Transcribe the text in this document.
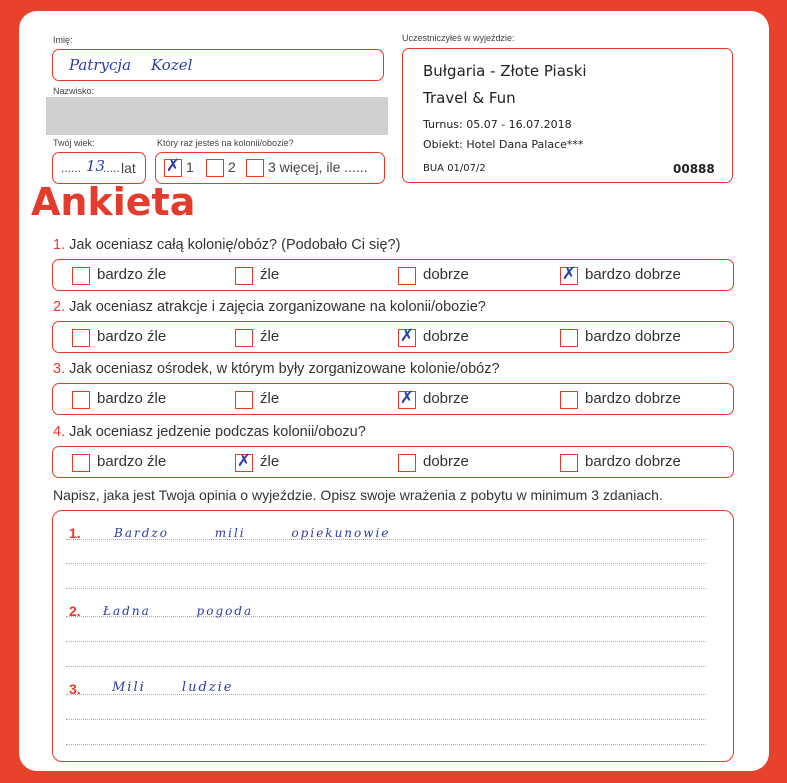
Imię:
Patrycja Kozel
Nazwisko:
Twój wiek:
...... 13
..... lat
Który raz jesteś na kolonii/obozie?
✗ 1 2 3 więcej, ile ......
Uczestniczyłeś w wyjeździe:
Bułgaria - Złote Piaski
Travel & Fun
Turnus: 05.07 - 16.07.2018
Obiekt: Hotel Dana Palace***
BUA 01/07/2	00888
Ankieta
1. Jak oceniasz całą kolonię/obóz? (Podobało Ci się?)
bardzo źle	źle	dobrze	✗ bardzo dobrze
2. Jak oceniasz atrakcje i zajęcia zorganizowane na kolonii/obozie?
bardzo źle	źle	✗ dobrze	bardzo dobrze
3. Jak oceniasz ośrodek, w którym były zorganizowane kolonie/obóz?
bardzo źle	źle	✗ dobrze	bardzo dobrze
4. Jak oceniasz jedzenie podczas kolonii/obozu?
bardzo źle	✗ źle	dobrze	bardzo dobrze
Napisz, jaka jest Twoja opinia o wyjeździe. Opisz swoje wrażenia z pobytu w minimum 3 zdaniach.
1.	Bardzo mili opiekunowie
2. Ładna pogoda
3. Mili ludzie
